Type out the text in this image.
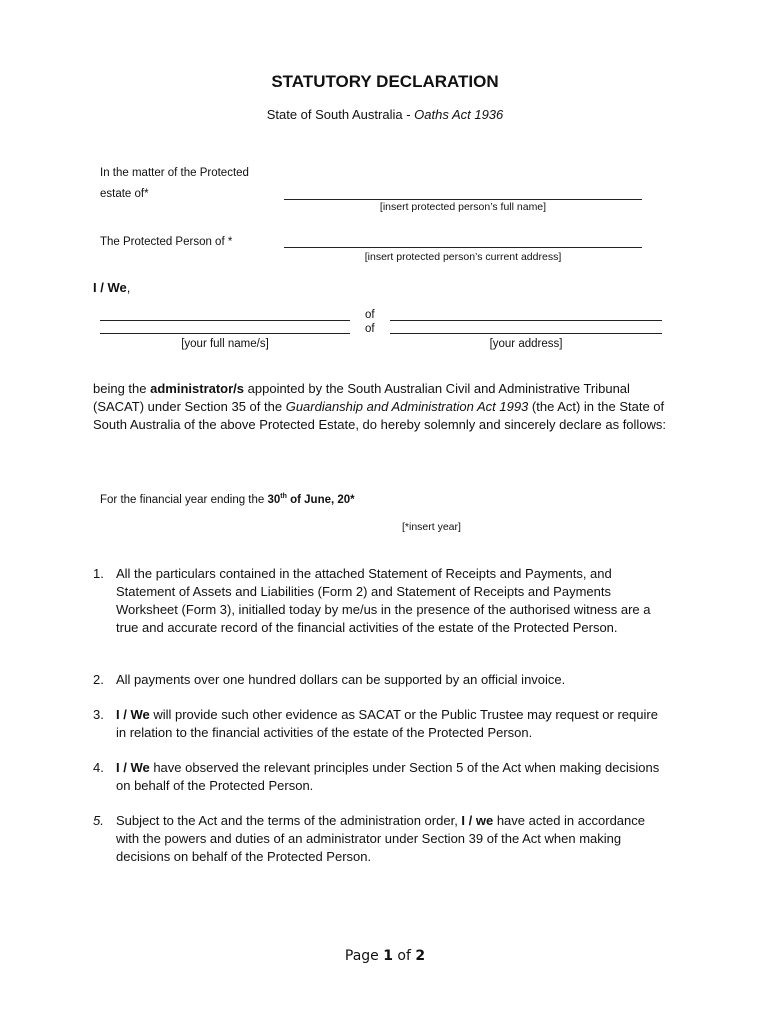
STATUTORY DECLARATION
State of South Australia - Oaths Act 1936
In the matter of the Protected
estate of*
[insert protected person’s full name]
The Protected Person of *
[insert protected person’s current address]
I / We,
of
of
[your full name/s]	[your address]
being the administrator/s appointed by the South Australian Civil and Administrative Tribunal (SACAT) under Section 35 of the Guardianship and Administration Act 1993 (the Act) in the State of South Australia of the above Protected Estate, do hereby solemnly and sincerely declare as follows:
For the financial year ending the 30th of June, 20*
[*insert year]
1. All the particulars contained in the attached Statement of Receipts and Payments, and Statement of Assets and Liabilities (Form 2) and Statement of Receipts and Payments Worksheet (Form 3), initialled today by me/us in the presence of the authorised witness are a true and accurate record of the financial activities of the estate of the Protected Person.
2. All payments over one hundred dollars can be supported by an official invoice.
3. I / We will provide such other evidence as SACAT or the Public Trustee may request or require in relation to the financial activities of the estate of the Protected Person.
4. I / We have observed the relevant principles under Section 5 of the Act when making decisions on behalf of the Protected Person.
5. Subject to the Act and the terms of the administration order, I / we have acted in accordance with the powers and duties of an administrator under Section 39 of the Act when making decisions on behalf of the Protected Person.
Page 1 of 2
